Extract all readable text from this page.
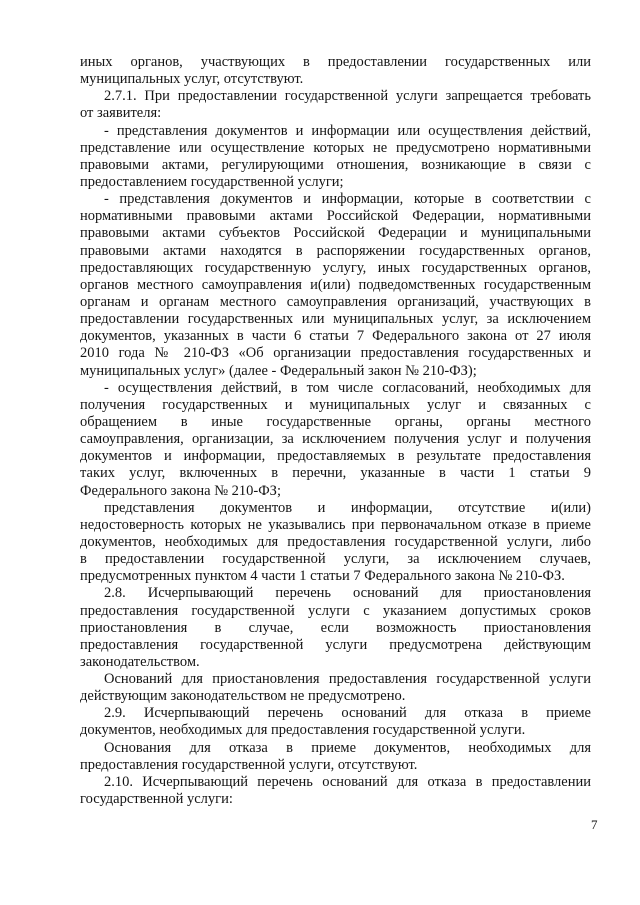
иных органов, участвующих в предоставлении государственных или
муниципальных услуг, отсутствуют.
2.7.1. При предоставлении государственной услуги запрещается требовать
от заявителя:
- представления документов и информации или осуществления действий,
представление или осуществление которых не предусмотрено нормативными
правовыми актами, регулирующими отношения, возникающие в связи с
предоставлением государственной услуги;
- представления документов и информации, которые в соответствии с
нормативными правовыми актами Российской Федерации, нормативными
правовыми актами субъектов Российской Федерации и муниципальными
правовыми актами находятся в распоряжении государственных органов,
предоставляющих государственную услугу, иных государственных органов,
органов местного самоуправления и(или) подведомственных государственным
органам и органам местного самоуправления организаций, участвующих в
предоставлении государственных или муниципальных услуг, за исключением
документов, указанных в части 6 статьи 7 Федерального закона от 27 июля
2010 года № 210-ФЗ «Об организации предоставления государственных и
муниципальных услуг» (далее - Федеральный закон № 210-ФЗ);
- осуществления действий, в том числе согласований, необходимых для
получения государственных и муниципальных услуг и связанных с
обращением в иные государственные органы, органы местного
самоуправления, организации, за исключением получения услуг и получения
документов и информации, предоставляемых в результате предоставления
таких услуг, включенных в перечни, указанные в части 1 статьи 9
Федерального закона № 210-ФЗ;
представления документов и информации, отсутствие и(или)
недостоверность которых не указывались при первоначальном отказе в приеме
документов, необходимых для предоставления государственной услуги, либо
в предоставлении государственной услуги, за исключением случаев,
предусмотренных пунктом 4 части 1 статьи 7 Федерального закона № 210-ФЗ.
2.8. Исчерпывающий перечень оснований для приостановления
предоставления государственной услуги с указанием допустимых сроков
приостановления в случае, если возможность приостановления
предоставления государственной услуги предусмотрена действующим
законодательством.
Оснований для приостановления предоставления государственной услуги
действующим законодательством не предусмотрено.
2.9. Исчерпывающий перечень оснований для отказа в приеме
документов, необходимых для предоставления государственной услуги.
Основания для отказа в приеме документов, необходимых для
предоставления государственной услуги, отсутствуют.
2.10. Исчерпывающий перечень оснований для отказа в предоставлении
государственной услуги:
7
